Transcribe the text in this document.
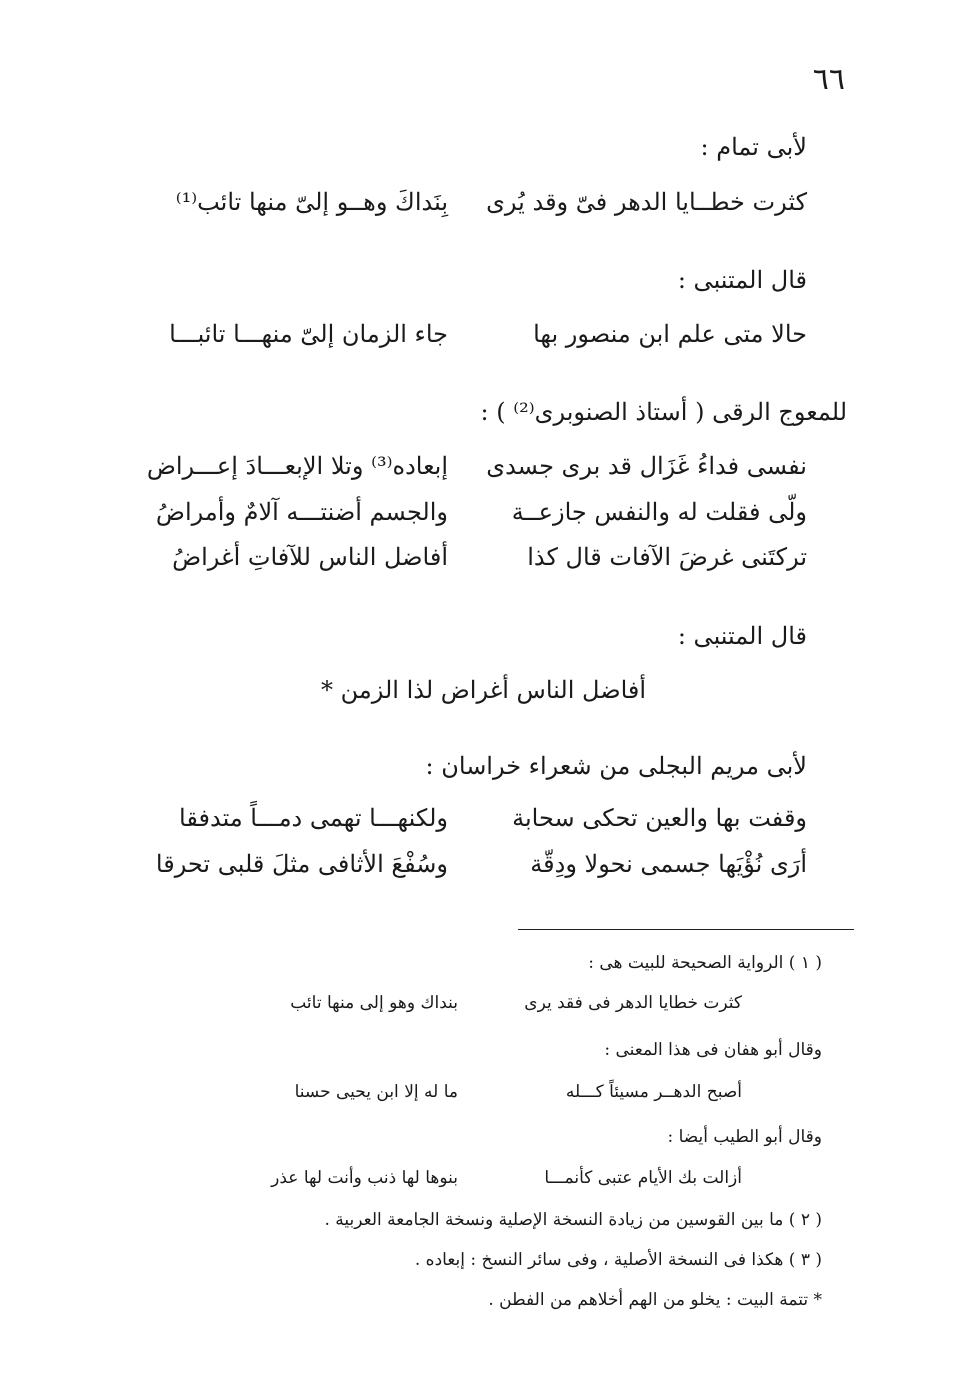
٦٦
لأبى تمام :
كثرت خطــايا الدهر فىّ وقد يُرى
بِنَداكَ وهــو إلىّ منها تائب⁽¹⁾
قال المتنبى :
حالا متى علم ابن منصور بها
جاء الزمان إلىّ منهـــا تائبـــا
للمعوج الرقى ( أستاذ الصنوبرى⁽²⁾ ) :
نفسى فداءُ غَزَال قد برى جسدى
إبعاده⁽³⁾ وتلا الإبعـــادَ إعـــراض
ولّى فقلت له والنفس جازعــة
والجسم أضنتـــه آلامٌ وأمراضُ
تركتَنى غرضَ الآفات قال كذا
أفاضل الناس للآفاتِ أغراضُ
قال المتنبى :
أفاضل الناس أغراض لذا الزمن *
لأبى مريم البجلى من شعراء خراسان :
وقفت بها والعين تحكى سحابة
ولكنهـــا تهمى دمـــاً متدفقا
أرَى نُؤْيَها جسمى نحولا ودِقّة
وسُفْعَ الأثافى مثلَ قلبى تحرقا
( ١ ) الرواية الصحيحة للبيت هى :
كثرت خطايا الدهر فى فقد يرى
بنداك وهو إلى منها تائب
وقال أبو هفان فى هذا المعنى :
أصبح الدهــر مسيئاً كـــله
ما له إلا ابن يحيى حسنا
وقال أبو الطيب أيضا :
أزالت بك الأيام عتبى كأنمـــا
بنوها لها ذنب وأنت لها عذر
( ٢ ) ما بين القوسين من زيادة النسخة الإصلية ونسخة الجامعة العربية .
( ٣ ) هكذا فى النسخة الأصلية ، وفى سائر النسخ : إبعاده .
* تتمة البيت : يخلو من الهم أخلاهم من الفطن .
